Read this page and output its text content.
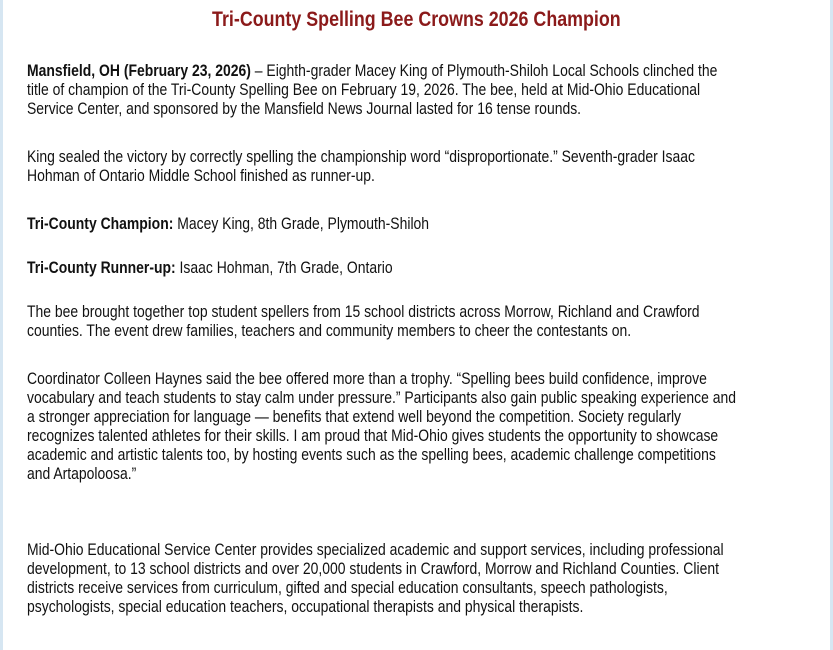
Tri-County Spelling Bee Crowns 2026 Champion
Mansfield, OH (February 23, 2026) – Eighth-grader Macey King of Plymouth-Shiloh Local Schools clinched the
title of champion of the Tri-County Spelling Bee on February 19, 2026. The bee, held at Mid-Ohio Educational
Service Center, and sponsored by the Mansfield News Journal lasted for 16 tense rounds.
King sealed the victory by correctly spelling the championship word “disproportionate.” Seventh-grader Isaac
Hohman of Ontario Middle School finished as runner-up.
Tri-County Champion: Macey King, 8th Grade, Plymouth-Shiloh
Tri-County Runner-up: Isaac Hohman, 7th Grade, Ontario
The bee brought together top student spellers from 15 school districts across Morrow, Richland and Crawford
counties. The event drew families, teachers and community members to cheer the contestants on.
Coordinator Colleen Haynes said the bee offered more than a trophy. “Spelling bees build confidence, improve
vocabulary and teach students to stay calm under pressure.” Participants also gain public speaking experience and
a stronger appreciation for language — benefits that extend well beyond the competition. Society regularly
recognizes talented athletes for their skills. I am proud that Mid-Ohio gives students the opportunity to showcase
academic and artistic talents too, by hosting events such as the spelling bees, academic challenge competitions
and Artapoloosa.”
Mid-Ohio Educational Service Center provides specialized academic and support services, including professional
development, to 13 school districts and over 20,000 students in Crawford, Morrow and Richland Counties. Client
districts receive services from curriculum, gifted and special education consultants, speech pathologists,
psychologists, special education teachers, occupational therapists and physical therapists.
